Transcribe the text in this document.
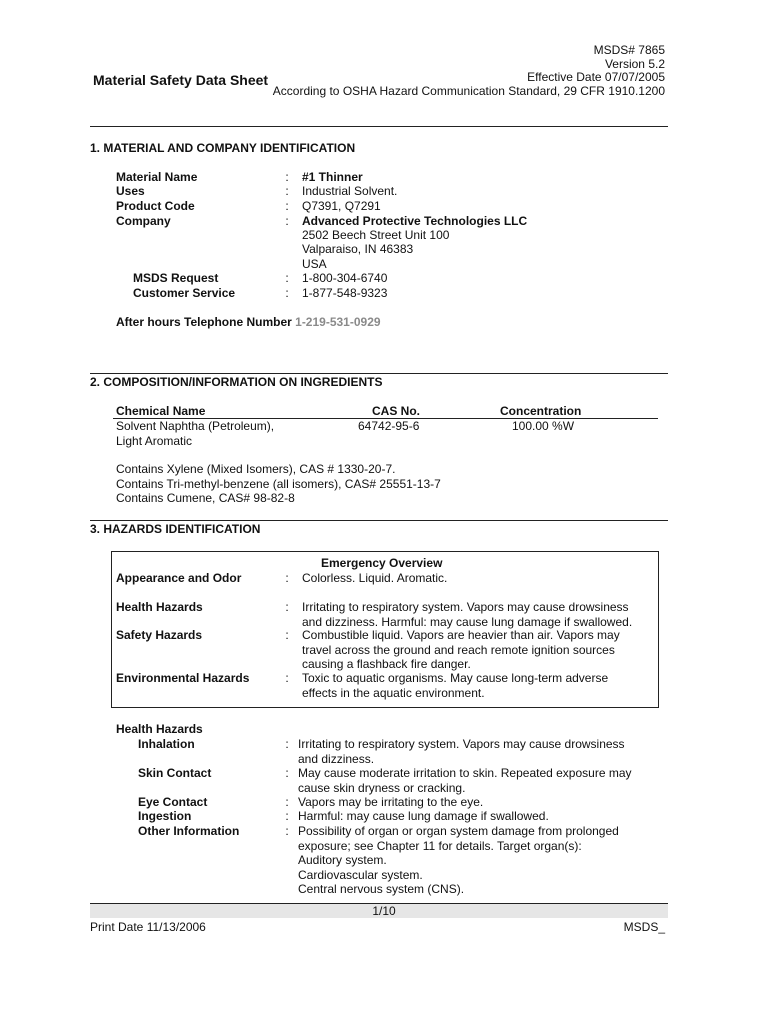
MSDS# 7865
Version 5.2
Effective Date 07/07/2005
According to OSHA Hazard Communication Standard, 29 CFR 1910.1200
Material Safety Data Sheet
1. MATERIAL AND COMPANY IDENTIFICATION
Material Name	: #1 Thinner
Uses	: Industrial Solvent.
Product Code	: Q7391, Q7291
Company	: Advanced Protective Technologies LLC
2502 Beech Street Unit 100
Valparaiso, IN 46383
USA
MSDS Request	: 1-800-304-6740
Customer Service	: 1-877-548-9323
After hours Telephone Number 1-219-531-0929
2. COMPOSITION/INFORMATION ON INGREDIENTS
Chemical Name	CAS No.	Concentration
Solvent Naphtha (Petroleum),
Light Aromatic
64742-95-6	100.00 %W
Contains Xylene (Mixed Isomers), CAS # 1330-20-7.
Contains Tri-methyl-benzene (all isomers), CAS# 25551-13-7
Contains Cumene, CAS# 98-82-8
3. HAZARDS IDENTIFICATION
Emergency Overview
Appearance and Odor	: Colorless. Liquid. Aromatic.
Health Hazards	: Irritating to respiratory system. Vapors may cause drowsiness
and dizziness. Harmful: may cause lung damage if swallowed.
Safety Hazards	: Combustible liquid. Vapors are heavier than air. Vapors may
travel across the ground and reach remote ignition sources
causing a flashback fire danger.
Environmental Hazards	: Toxic to aquatic organisms. May cause long-term adverse
effects in the aquatic environment.
Health Hazards
Inhalation	: Irritating to respiratory system. Vapors may cause drowsiness
and dizziness.
Skin Contact	: May cause moderate irritation to skin. Repeated exposure may
cause skin dryness or cracking.
Eye Contact	: Vapors may be irritating to the eye.
Ingestion	: Harmful: may cause lung damage if swallowed.
Other Information	: Possibility of organ or organ system damage from prolonged
exposure; see Chapter 11 for details. Target organ(s):
Auditory system.
Cardiovascular system.
Central nervous system (CNS).
1/10
Print Date 11/13/2006	MSDS_
